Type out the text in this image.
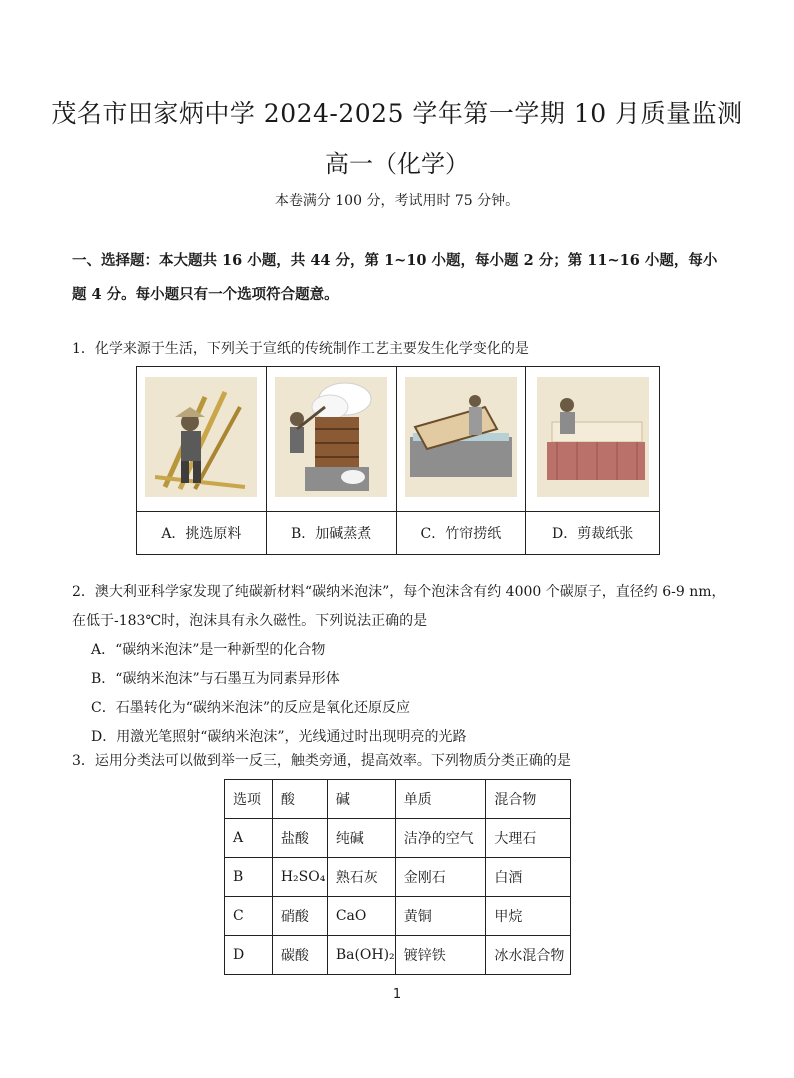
茂名市田家炳中学 2024-2025 学年第一学期 10 月质量监测
高一（化学）
本卷满分 100 分，考试用时 75 分钟。
一、选择题：本大题共 16 小题，共 44 分，第 1~10 小题，每小题 2 分；第 11~16 小题，每小题 4 分。每小题只有一个选项符合题意。
1．化学来源于生活，下列关于宣纸的传统制作工艺主要发生化学变化的是

A．挑选原料	B．加碱蒸煮	C．竹帘捞纸	D．剪裁纸张
2．澳大利亚科学家发现了纯碳新材料“碳纳米泡沫”，每个泡沫含有约 4000 个碳原子，直径约 6-9 nm，在低于-183℃时，泡沫具有永久磁性。下列说法正确的是
A．“碳纳米泡沫”是一种新型的化合物
B．“碳纳米泡沫”与石墨互为同素异形体
C．石墨转化为“碳纳米泡沫”的反应是氧化还原反应
D．用激光笔照射“碳纳米泡沫”，光线通过时出现明亮的光路
3．运用分类法可以做到举一反三，触类旁通，提高效率。下列物质分类正确的是
选项	酸	碱	单质	混合物
A	盐酸	纯碱	洁净的空气	大理石
B	H₂SO₄	熟石灰	金刚石	白酒
C	硝酸	CaO	黄铜	甲烷
D	碳酸	Ba(OH)₂	镀锌铁	冰水混合物
1
